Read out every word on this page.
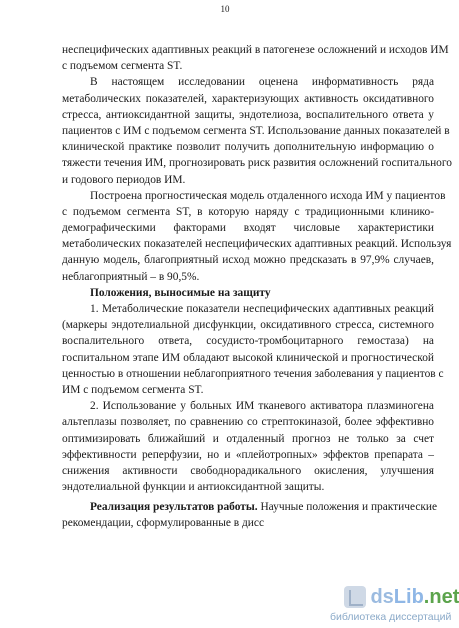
10
неспецифических адаптивных реакций в патогенезе осложнений и исходов ИМ
с подъемом сегмента ST.
В настоящем исследовании оценена информативность ряда
метаболических показателей, характеризующих активность оксидативного
стресса, антиоксидантной защиты, эндотелиоза, воспалительного ответа у
пациентов с ИМ с подъемом сегмента ST. Использование данных показателей в
клинической практике позволит получить дополнительную информацию о
тяжести течения ИМ, прогнозировать риск развития осложнений госпитального
и годового периодов ИМ.
Построена прогностическая модель отдаленного исхода ИМ у пациентов
с подъемом сегмента ST, в которую наряду с традиционными клинико-
демографическими факторами входят числовые характеристики
метаболических показателей неспецифических адаптивных реакций. Используя
данную модель, благоприятный исход можно предсказать в 97,9% случаев,
неблагоприятный – в 90,5%.
Положения, выносимые на защиту
1. Метаболические показатели неспецифических адаптивных реакций
(маркеры эндотелиальной дисфункции, оксидативного стресса, системного
воспалительного ответа, сосудисто-тромбоцитарного гемостаза) на
госпитальном этапе ИМ обладают высокой клинической и прогностической
ценностью в отношении неблагоприятного течения заболевания у пациентов с
ИМ с подъемом сегмента ST.
2. Использование у больных ИМ тканевого активатора плазминогена
альтеплазы позволяет, по сравнению со стрептокиназой, более эффективно
оптимизировать ближайший и отдаленный прогноз не только за счет
эффективности реперфузии, но и «плейотропных» эффектов препарата –
снижения активности свободнорадикального окисления, улучшения
эндотелиальной функции и антиоксидантной защиты.
Реализация результатов работы. Научные положения и практические
рекомендации, сформулированные в дисс
dsLib.net
библиотека диссертаций
